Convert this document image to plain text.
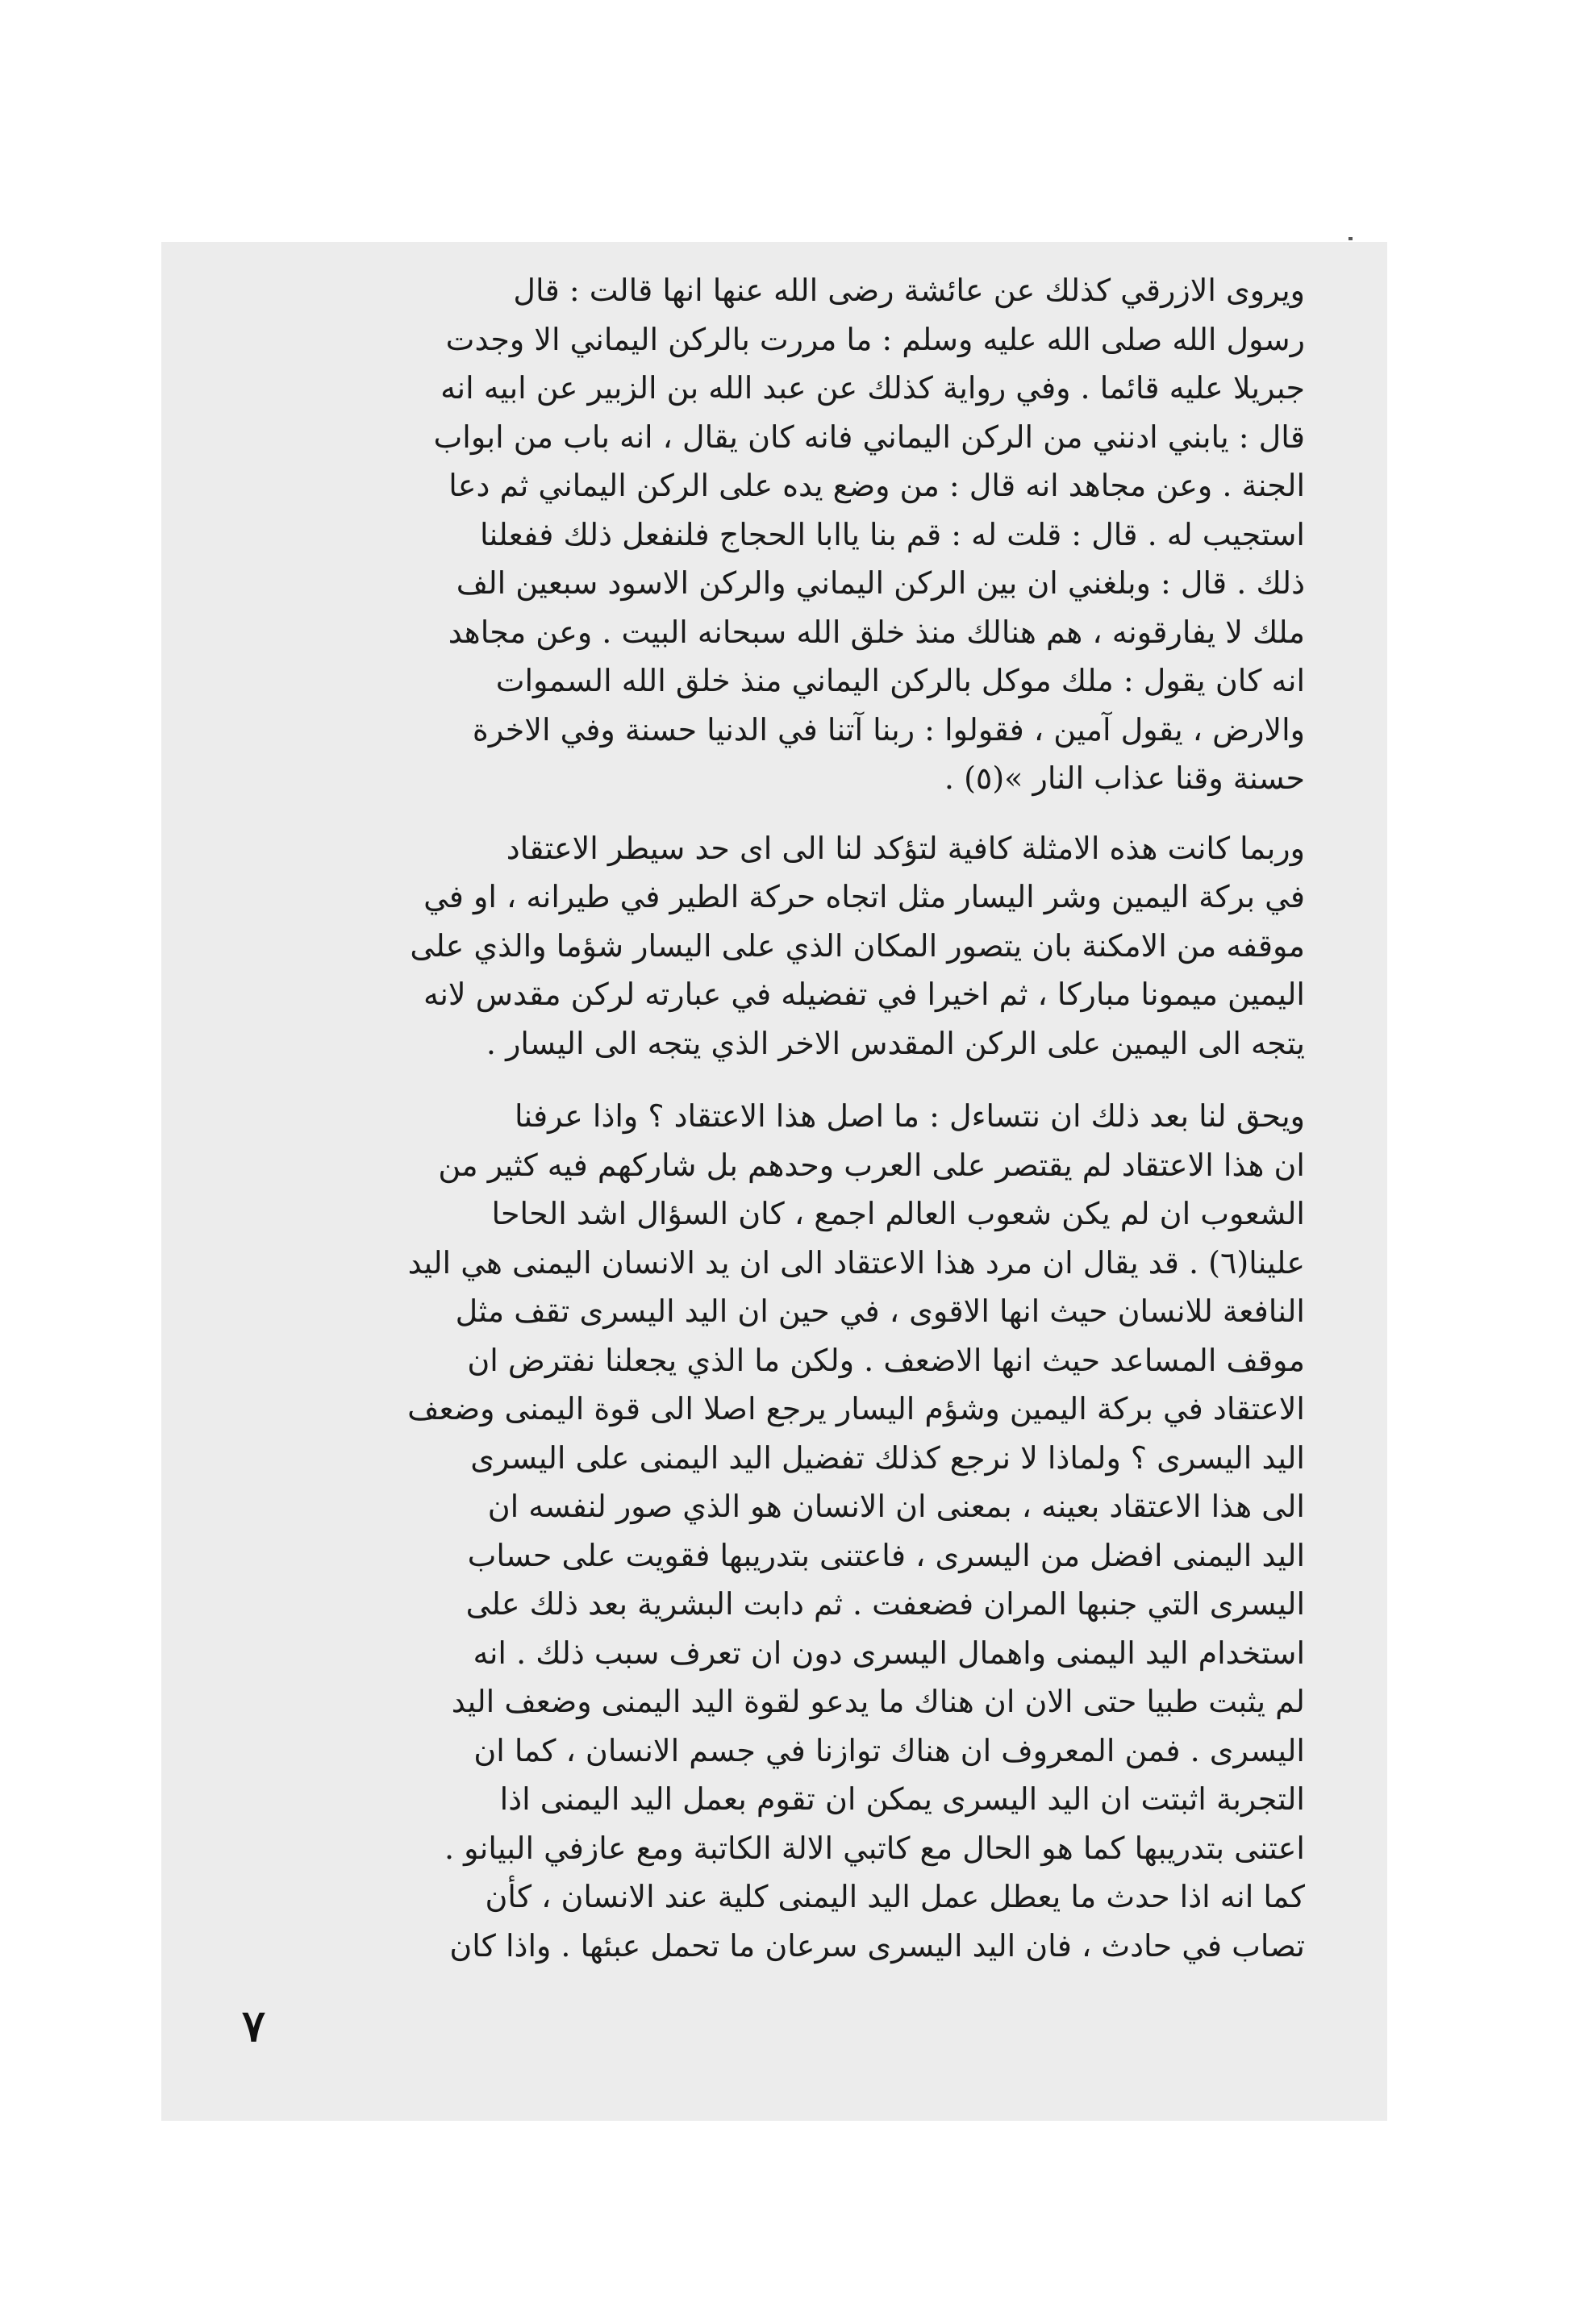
ويروى الازرقي كذلك عن عائشة رضى الله عنها انها قالت : قال

رسول الله صلى الله عليه وسلم : ما مررت بالركن اليماني الا وجدت

جبريلا عليه قائما . وفي رواية كذلك عن عبد الله بن الزبير عن ابيه انه

قال : يابني ادنني من الركن اليماني فانه كان يقال ، انه باب من ابواب

الجنة . وعن مجاهد انه قال : من وضع يده على الركن اليماني ثم دعا

استجيب له . قال : قلت له : قم بنا ياابا الحجاج فلنفعل ذلك ففعلنا

ذلك . قال : وبلغني ان بين الركن اليماني والركن الاسود سبعين الف

ملك لا يفارقونه ، هم هنالك منذ خلق الله سبحانه البيت . وعن مجاهد

انه كان يقول : ملك موكل بالركن اليماني منذ خلق الله السموات

والارض ، يقول آمين ، فقولوا : ربنا آتنا في الدنيا حسنة وفي الاخرة

حسنة وقنا عذاب النار »(٥) .

وربما كانت هذه الامثلة كافية لتؤكد لنا الى اى حد سيطر الاعتقاد

في بركة اليمين وشر اليسار مثل اتجاه حركة الطير في طيرانه ، او في

موقفه من الامكنة بان يتصور المكان الذي على اليسار شؤما والذي على

اليمين ميمونا مباركا ، ثم اخيرا في تفضيله في عبارته لركن مقدس لانه

يتجه الى اليمين على الركن المقدس الاخر الذي يتجه الى اليسار .

ويحق لنا بعد ذلك ان نتساءل : ما اصل هذا الاعتقاد ؟ واذا عرفنا

ان هذا الاعتقاد لم يقتصر على العرب وحدهم بل شاركهم فيه كثير من

الشعوب ان لم يكن شعوب العالم اجمع ، كان السؤال اشد الحاحا

علينا(٦) . قد يقال ان مرد هذا الاعتقاد الى ان يد الانسان اليمنى هي اليد

النافعة للانسان حيث انها الاقوى ، في حين ان اليد اليسرى تقف مثل

موقف المساعد حيث انها الاضعف . ولكن ما الذي يجعلنا نفترض ان

الاعتقاد في بركة اليمين وشؤم اليسار يرجع اصلا الى قوة اليمنى وضعف

اليد اليسرى ؟ ولماذا لا نرجع كذلك تفضيل اليد اليمنى على اليسرى

الى هذا الاعتقاد بعينه ، بمعنى ان الانسان هو الذي صور لنفسه ان

اليد اليمنى افضل من اليسرى ، فاعتنى بتدريبها فقويت على حساب

اليسرى التي جنبها المران فضعفت . ثم دابت البشرية بعد ذلك على

استخدام اليد اليمنى واهمال اليسرى دون ان تعرف سبب ذلك . انه

لم يثبت طبيا حتى الان ان هناك ما يدعو لقوة اليد اليمنى وضعف اليد

اليسرى . فمن المعروف ان هناك توازنا في جسم الانسان ، كما ان

التجربة اثبتت ان اليد اليسرى يمكن ان تقوم بعمل اليد اليمنى اذا

اعتنى بتدريبها كما هو الحال مع كاتبي الالة الكاتبة ومع عازفي البيانو .

كما انه اذا حدث ما يعطل عمل اليد اليمنى كلية عند الانسان ، كأن

تصاب في حادث ، فان اليد اليسرى سرعان ما تحمل عبئها . واذا كان

٧
